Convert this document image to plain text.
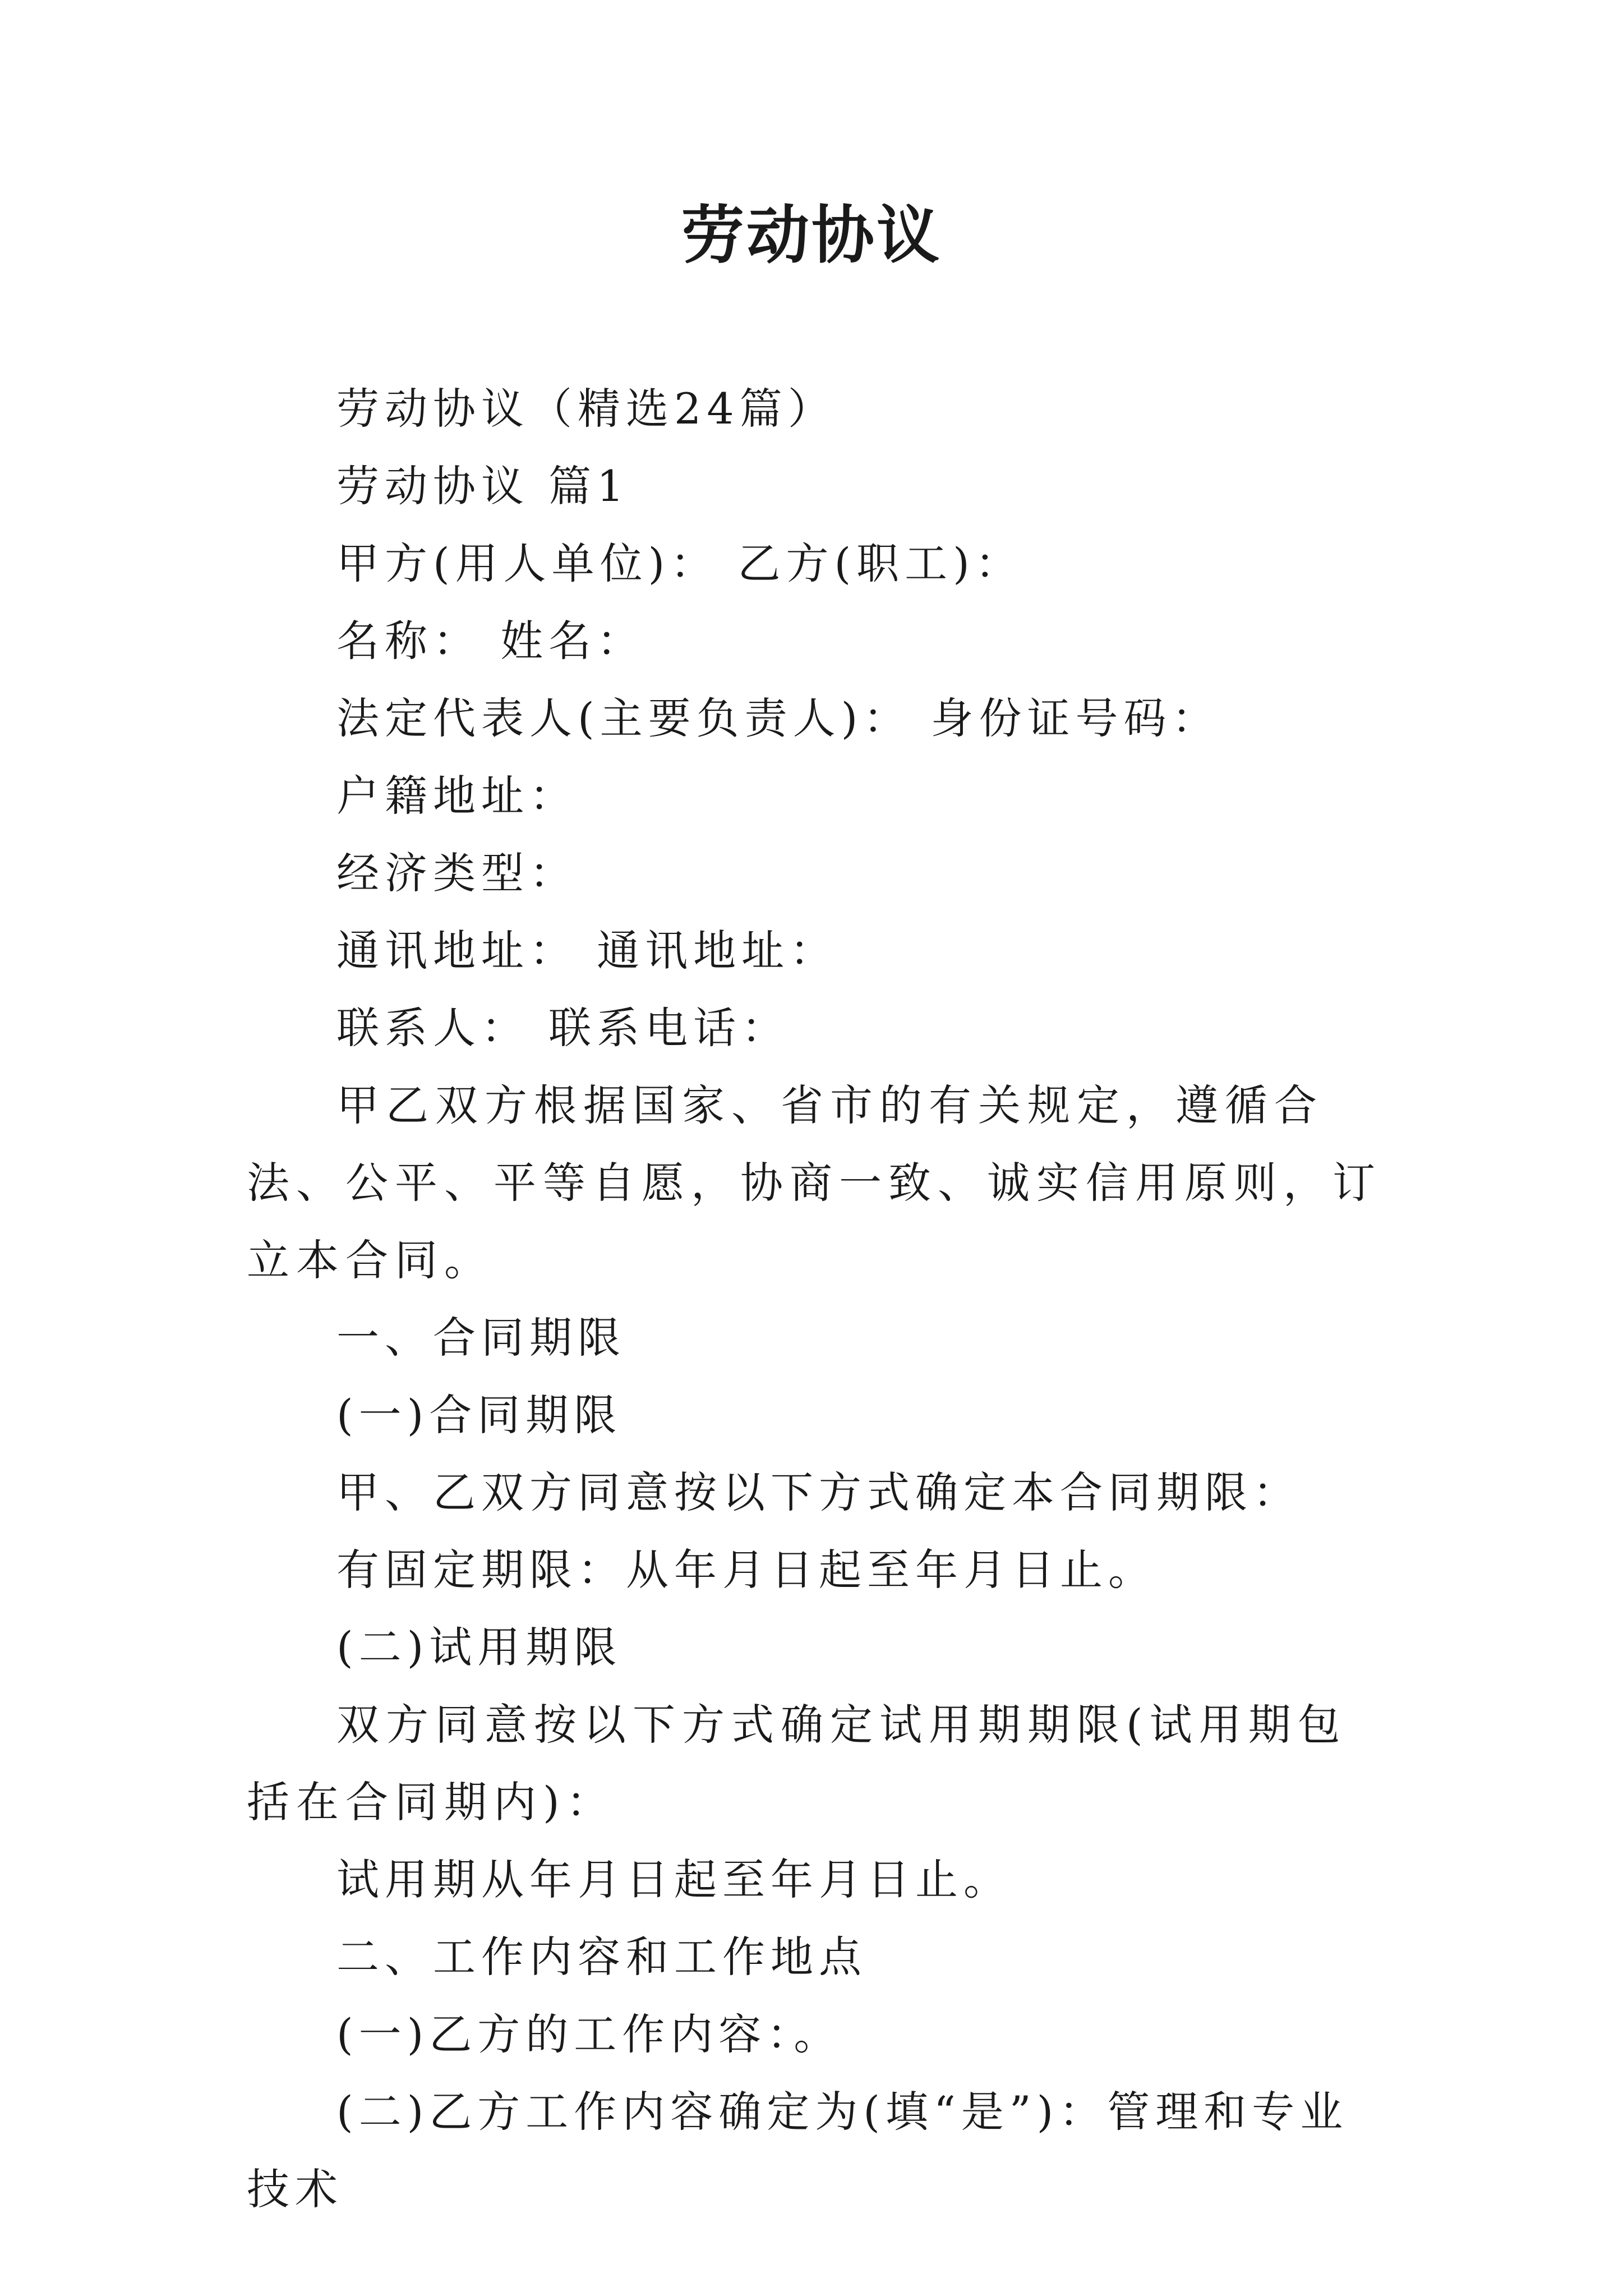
劳动协议

劳动协议（精选24篇）

劳动协议 篇1

甲方(用人单位)： 乙方(职工)：

名称： 姓名：

法定代表人(主要负责人)： 身份证号码：

户籍地址：

经济类型：

通讯地址： 通讯地址：

联系人： 联系电话：

甲乙双方根据国家、省市的有关规定，遵循合法、公平、平等自愿，协商一致、诚实信用原则，订立本合同。

一、合同期限

(一)合同期限

甲、乙双方同意按以下方式确定本合同期限：

有固定期限：从年月日起至年月日止。

(二)试用期限

双方同意按以下方式确定试用期期限(试用期包括在合同期内)：

试用期从年月日起至年月日止。

二、工作内容和工作地点

(一)乙方的工作内容：。

(二)乙方工作内容确定为(填“是”)：管理和专业技术
